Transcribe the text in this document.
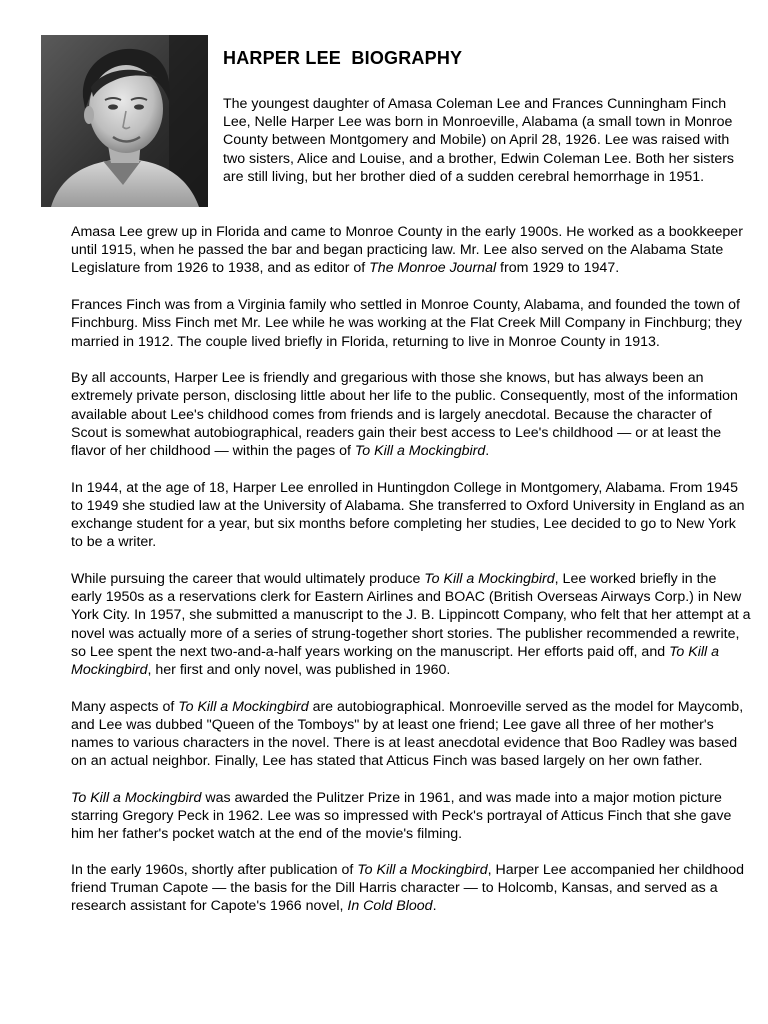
HARPER LEE  BIOGRAPHY

The youngest daughter of Amasa Coleman Lee and Frances Cunningham Finch Lee, Nelle Harper Lee was born in Monroeville, Alabama (a small town in Monroe County between Montgomery and Mobile) on April 28, 1926. Lee was raised with two sisters, Alice and Louise, and a brother, Edwin Coleman Lee. Both her sisters are still living, but her brother died of a sudden cerebral hemorrhage in 1951.

Amasa Lee grew up in Florida and came to Monroe County in the early 1900s. He worked as a bookkeeper until 1915, when he passed the bar and began practicing law. Mr. Lee also served on the Alabama State Legislature from 1926 to 1938, and as editor of The Monroe Journal from 1929 to 1947.

Frances Finch was from a Virginia family who settled in Monroe County, Alabama, and founded the town of Finchburg. Miss Finch met Mr. Lee while he was working at the Flat Creek Mill Company in Finchburg; they married in 1912. The couple lived briefly in Florida, returning to live in Monroe County in 1913.

By all accounts, Harper Lee is friendly and gregarious with those she knows, but has always been an extremely private person, disclosing little about her life to the public. Consequently, most of the information available about Lee's childhood comes from friends and is largely anecdotal. Because the character of Scout is somewhat autobiographical, readers gain their best access to Lee's childhood — or at least the flavor of her childhood — within the pages of To Kill a Mockingbird.

In 1944, at the age of 18, Harper Lee enrolled in Huntingdon College in Montgomery, Alabama. From 1945 to 1949 she studied law at the University of Alabama. She transferred to Oxford University in England as an exchange student for a year, but six months before completing her studies, Lee decided to go to New York to be a writer.

While pursuing the career that would ultimately produce To Kill a Mockingbird, Lee worked briefly in the early 1950s as a reservations clerk for Eastern Airlines and BOAC (British Overseas Airways Corp.) in New York City. In 1957, she submitted a manuscript to the J. B. Lippincott Company, who felt that her attempt at a novel was actually more of a series of strung-together short stories. The publisher recommended a rewrite, so Lee spent the next two-and-a-half years working on the manuscript. Her efforts paid off, and To Kill a Mockingbird, her first and only novel, was published in 1960.

Many aspects of To Kill a Mockingbird are autobiographical. Monroeville served as the model for Maycomb, and Lee was dubbed "Queen of the Tomboys" by at least one friend; Lee gave all three of her mother's names to various characters in the novel. There is at least anecdotal evidence that Boo Radley was based on an actual neighbor. Finally, Lee has stated that Atticus Finch was based largely on her own father.

To Kill a Mockingbird was awarded the Pulitzer Prize in 1961, and was made into a major motion picture starring Gregory Peck in 1962. Lee was so impressed with Peck's portrayal of Atticus Finch that she gave him her father's pocket watch at the end of the movie's filming.

In the early 1960s, shortly after publication of To Kill a Mockingbird, Harper Lee accompanied her childhood friend Truman Capote — the basis for the Dill Harris character — to Holcomb, Kansas, and served as a research assistant for Capote's 1966 novel, In Cold Blood.
